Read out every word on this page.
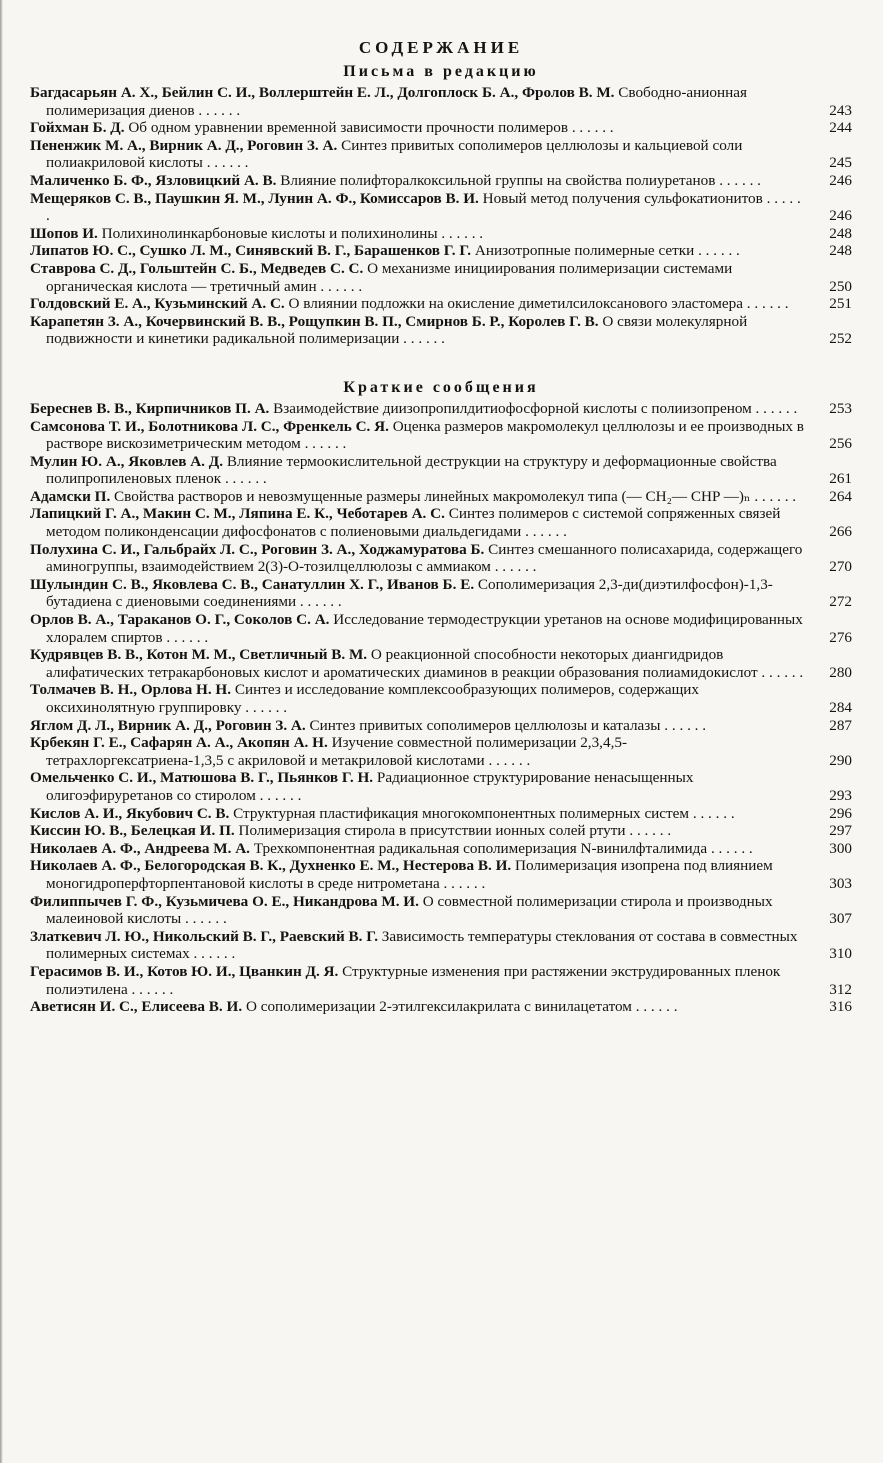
СОДЕРЖАНИЕ
Письма в редакцию
Багдасарьян А. Х., Бейлин С. И., Воллерштейн Е. Л., Долгоплоск Б. А., Фролов В. М. Свободно-анионная полимеризация диенов . . . . . .	243
Гойхман Б. Д. Об одном уравнении временной зависимости прочности полимеров . . . . . .	244
Пененжик М. А., Вирник А. Д., Роговин З. А. Синтез привитых сополимеров целлюлозы и кальциевой соли полиакриловой кислоты . . . . . .	245
Маличенко Б. Ф., Язловицкий А. В. Влияние полифторалкоксильной группы на свойства полиуретанов . . . . . .	246
Мещеряков С. В., Паушкин Я. М., Лунин А. Ф., Комиссаров В. И. Новый метод получения сульфокатионитов . . . . . .	246
Шопов И. Полихинолинкарбоновые кислоты и полихинолины . . . . . .	248
Липатов Ю. С., Сушко Л. М., Синявский В. Г., Барашенков Г. Г. Анизотропные полимерные сетки . . . . . .	248
Ставрова С. Д., Гольштейн С. Б., Медведев С. С. О механизме инициирования полимеризации системами органическая кислота — третичный амин . . . . . .	250
Голдовский Е. А., Кузьминский А. С. О влиянии подложки на окисление диметилсилоксанового эластомера . . . . . .	251
Карапетян З. А., Кочервинский В. В., Рощупкин В. П., Смирнов Б. Р., Королев Г. В. О связи молекулярной подвижности и кинетики радикальной полимеризации . . . . . .	252
Краткие сообщения
Береснев В. В., Кирпичников П. А. Взаимодействие диизопропилдитиофосфорной кислоты с полиизопреном . . . . . .	253
Самсонова Т. И., Болотникова Л. С., Френкель С. Я. Оценка размеров макромолекул целлюлозы и ее производных в растворе вискозиметрическим методом . . . . . .	256
Мулин Ю. А., Яковлев А. Д. Влияние термоокислительной деструкции на структуру и деформационные свойства полипропиленовых пленок . . . . . .	261
Адамски П. Свойства растворов и невозмущенные размеры линейных макромолекул типа (— CH₂— CHP —)ₙ . . . . . .	264
Лапицкий Г. А., Макин С. М., Ляпина Е. К., Чеботарев А. С. Синтез полимеров с системой сопряженных связей методом поликонденсации дифосфонатов с полиеновыми диальдегидами . . . . . .	266
Полухина С. И., Гальбрайх Л. С., Роговин З. А., Ходжамуратова Б. Синтез смешанного полисахарида, содержащего аминогруппы, взаимодействием 2(3)-О-тозилцеллюлозы с аммиаком . . . . . .	270
Шулындин С. В., Яковлева С. В., Санатуллин Х. Г., Иванов Б. Е. Сополимеризация 2,3-ди(диэтилфосфон)-1,3-бутадиена с диеновыми соединениями . . . . . .	272
Орлов В. А., Тараканов О. Г., Соколов С. А. Исследование термодеструкции уретанов на основе модифицированных хлоралем спиртов . . . . . .	276
Кудрявцев В. В., Котон М. М., Светличный В. М. О реакционной способности некоторых диангидридов алифатических тетракарбоновых кислот и ароматических диаминов в реакции образования полиамидокислот . . . . . .	280
Толмачев В. Н., Орлова Н. Н. Синтез и исследование комплексообразующих полимеров, содержащих оксихинолятную группировку . . . . . .	284
Яглом Д. Л., Вирник А. Д., Роговин З. А. Синтез привитых сополимеров целлюлозы и каталазы . . . . . .	287
Крбекян Г. Е., Сафарян А. А., Акопян А. Н. Изучение совместной полимеризации 2,3,4,5-тетрахлоргексатриена-1,3,5 с акриловой и метакриловой кислотами . . . . . .	290
Омельченко С. И., Матюшова В. Г., Пьянков Г. Н. Радиационное структурирование ненасыщенных олигоэфируретанов со стиролом . . . . . .	293
Кислов А. И., Якубович С. В. Структурная пластификация многокомпонентных полимерных систем . . . . . .	296
Киссин Ю. В., Белецкая И. П. Полимеризация стирола в присутствии ионных солей ртути . . . . . .	297
Николаев А. Ф., Андреева М. А. Трехкомпонентная радикальная сополимеризация N-винилфталимида . . . . . .	300
Николаев А. Ф., Белогородская В. К., Духненко Е. М., Нестерова В. И. Полимеризация изопрена под влиянием моногидроперфторпентановой кислоты в среде нитрометана . . . . . .	303
Филиппычев Г. Ф., Кузьмичева О. Е., Никандрова М. И. О совместной полимеризации стирола и производных малеиновой кислоты . . . . . .	307
Златкевич Л. Ю., Никольский В. Г., Раевский В. Г. Зависимость температуры стеклования от состава в совместных полимерных системах . . . . . .	310
Герасимов В. И., Котов Ю. И., Цванкин Д. Я. Структурные изменения при растяжении экструдированных пленок полиэтилена . . . . . .	312
Аветисян И. С., Елисеева В. И. О сополимеризации 2-этилгексилакрилата с винилацетатом . . . . . .	316
